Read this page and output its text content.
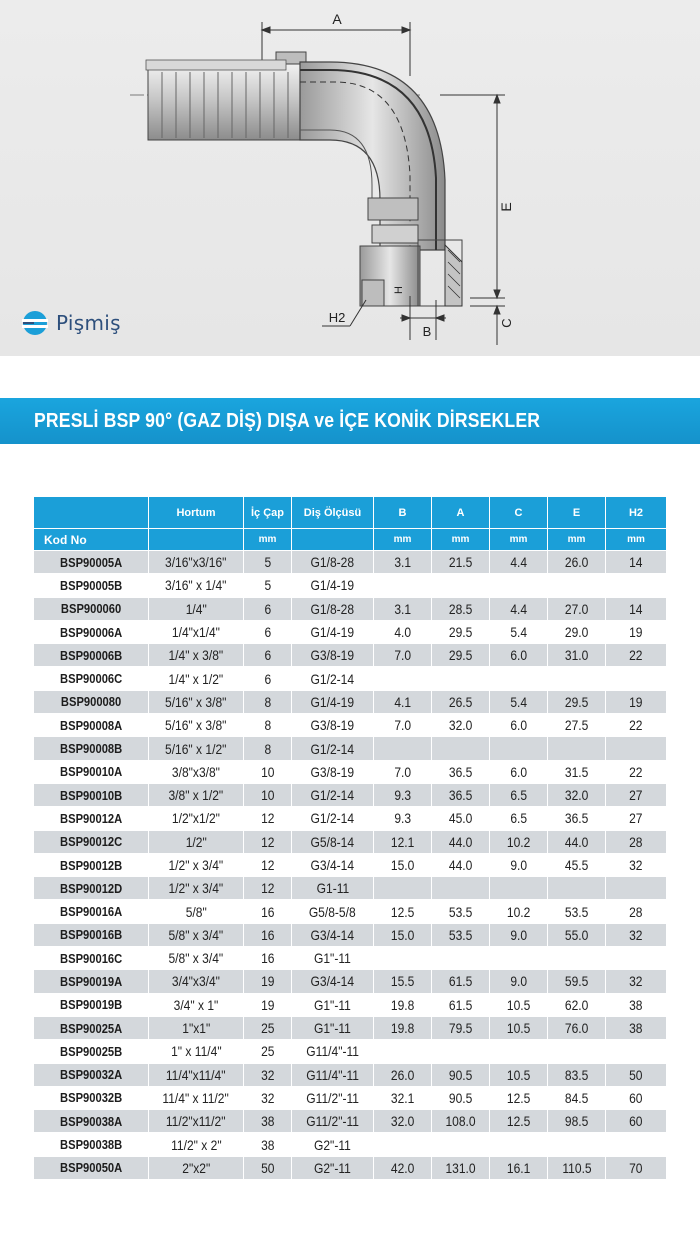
A
E
C
B
H
H2
Pişmiş
PRESLİ BSP 90° (GAZ DİŞ) DIŞA ve İÇE KONİK DİRSEKLER
	Hortum	İç Çap	Diş Ölçüsü	B	A	C	E	H2
Kod No		mm		mm	mm	mm	mm	mm
BSP90005A	3/16"x3/16"	5	G1/8-28	3.1	21.5	4.4	26.0	14
BSP90005B	3/16" x 1/4"	5	G1/4-19					
BSP900060	1/4"	6	G1/8-28	3.1	28.5	4.4	27.0	14
BSP90006A	1/4"x1/4"	6	G1/4-19	4.0	29.5	5.4	29.0	19
BSP90006B	1/4" x 3/8"	6	G3/8-19	7.0	29.5	6.0	31.0	22
BSP90006C	1/4" x 1/2"	6	G1/2-14					
BSP900080	5/16" x 3/8"	8	G1/4-19	4.1	26.5	5.4	29.5	19
BSP90008A	5/16" x 3/8"	8	G3/8-19	7.0	32.0	6.0	27.5	22
BSP90008B	5/16" x 1/2"	8	G1/2-14					
BSP90010A	3/8"x3/8"	10	G3/8-19	7.0	36.5	6.0	31.5	22
BSP90010B	3/8" x 1/2"	10	G1/2-14	9.3	36.5	6.5	32.0	27
BSP90012A	1/2"x1/2"	12	G1/2-14	9.3	45.0	6.5	36.5	27
BSP90012C	1/2"	12	G5/8-14	12.1	44.0	10.2	44.0	28
BSP90012B	1/2" x 3/4"	12	G3/4-14	15.0	44.0	9.0	45.5	32
BSP90012D	1/2" x 3/4"	12	G1-11					
BSP90016A	5/8"	16	G5/8-5/8	12.5	53.5	10.2	53.5	28
BSP90016B	5/8" x 3/4"	16	G3/4-14	15.0	53.5	9.0	55.0	32
BSP90016C	5/8" x 3/4"	16	G1"-11					
BSP90019A	3/4"x3/4"	19	G3/4-14	15.5	61.5	9.0	59.5	32
BSP90019B	3/4" x 1"	19	G1"-11	19.8	61.5	10.5	62.0	38
BSP90025A	1"x1"	25	G1"-11	19.8	79.5	10.5	76.0	38
BSP90025B	1" x 11/4"	25	G11/4"-11					
BSP90032A	11/4"x11/4"	32	G11/4"-11	26.0	90.5	10.5	83.5	50
BSP90032B	11/4" x 11/2"	32	G11/2"-11	32.1	90.5	12.5	84.5	60
BSP90038A	11/2"x11/2"	38	G11/2"-11	32.0	108.0	12.5	98.5	60
BSP90038B	11/2" x 2"	38	G2"-11					
BSP90050A	2"x2"	50	G2"-11	42.0	131.0	16.1	110.5	70
